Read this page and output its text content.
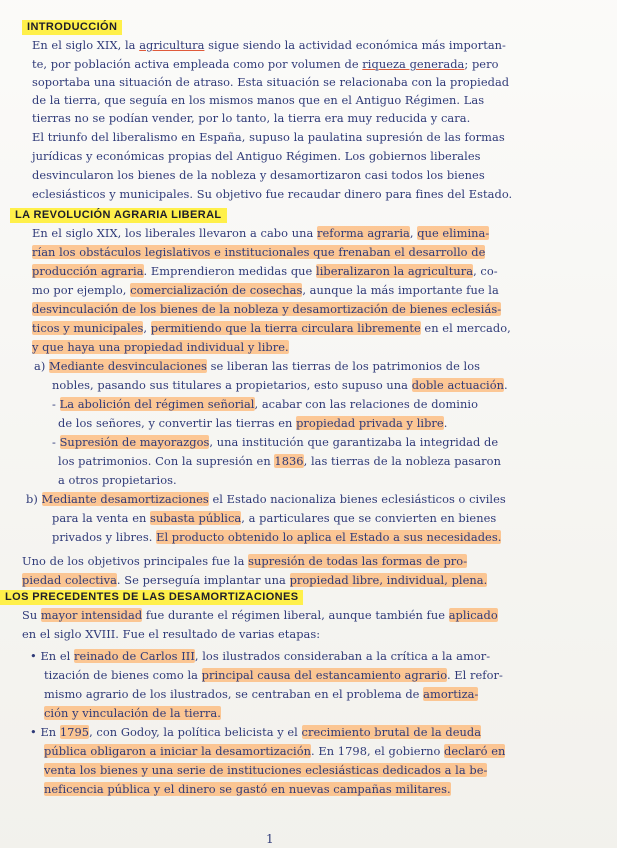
INTRODUCCIÓN
En el siglo XIX, la agricultura sigue siendo la actividad económica más importan-
te, por población activa empleada como por volumen de riqueza generada; pero
soportaba una situación de atraso. Esta situación se relacionaba con la propiedad
de la tierra, que seguía en los mismos manos que en el Antiguo Régimen. Las
tierras no se podían vender, por lo tanto, la tierra era muy reducida y cara.
El triunfo del liberalismo en España, supuso la paulatina supresión de las formas
jurídicas y económicas propias del Antiguo Régimen. Los gobiernos liberales
desvincularon los bienes de la nobleza y desamortizaron casi todos los bienes
eclesiásticos y municipales. Su objetivo fue recaudar dinero para fines del Estado.
LA REVOLUCIÓN AGRARIA LIBERAL
En el siglo XIX, los liberales llevaron a cabo una reforma agraria, que elimina-
rían los obstáculos legislativos e institucionales que frenaban el desarrollo de
producción agraria. Emprendieron medidas que liberalizaron la agricultura, co-
mo por ejemplo, comercialización de cosechas, aunque la más importante fue la
desvinculación de los bienes de la nobleza y desamortización de bienes eclesiás-
ticos y municipales, permitiendo que la tierra circulara libremente en el mercado,
y que haya una propiedad individual y libre.
a) Mediante desvinculaciones se liberan las tierras de los patrimonios de los
nobles, pasando sus titulares a propietarios, esto supuso una doble actuación.
- La abolición del régimen señorial, acabar con las relaciones de dominio
de los señores, y convertir las tierras en propiedad privada y libre.
- Supresión de mayorazgos, una institución que garantizaba la integridad de
los patrimonios. Con la supresión en 1836, las tierras de la nobleza pasaron
a otros propietarios.
b) Mediante desamortizaciones el Estado nacionaliza bienes eclesiásticos o civiles
para la venta en subasta pública, a particulares que se convierten en bienes
privados y libres. El producto obtenido lo aplica el Estado a sus necesidades.
Uno de los objetivos principales fue la supresión de todas las formas de pro-
piedad colectiva. Se perseguía implantar una propiedad libre, individual, plena.
LOS PRECEDENTES DE LAS DESAMORTIZACIONES
Su mayor intensidad fue durante el régimen liberal, aunque también fue aplicado
en el siglo XVIII. Fue el resultado de varias etapas:
• En el reinado de Carlos III, los ilustrados consideraban a la crítica a la amor-
tización de bienes como la principal causa del estancamiento agrario. El refor-
mismo agrario de los ilustrados, se centraban en el problema de amortiza-
ción y vinculación de la tierra.
• En 1795, con Godoy, la política belicista y el crecimiento brutal de la deuda
pública obligaron a iniciar la desamortización. En 1798, el gobierno declaró en
venta los bienes y una serie de instituciones eclesiásticas dedicados a la be-
neficencia pública y el dinero se gastó en nuevas campañas militares.
1
